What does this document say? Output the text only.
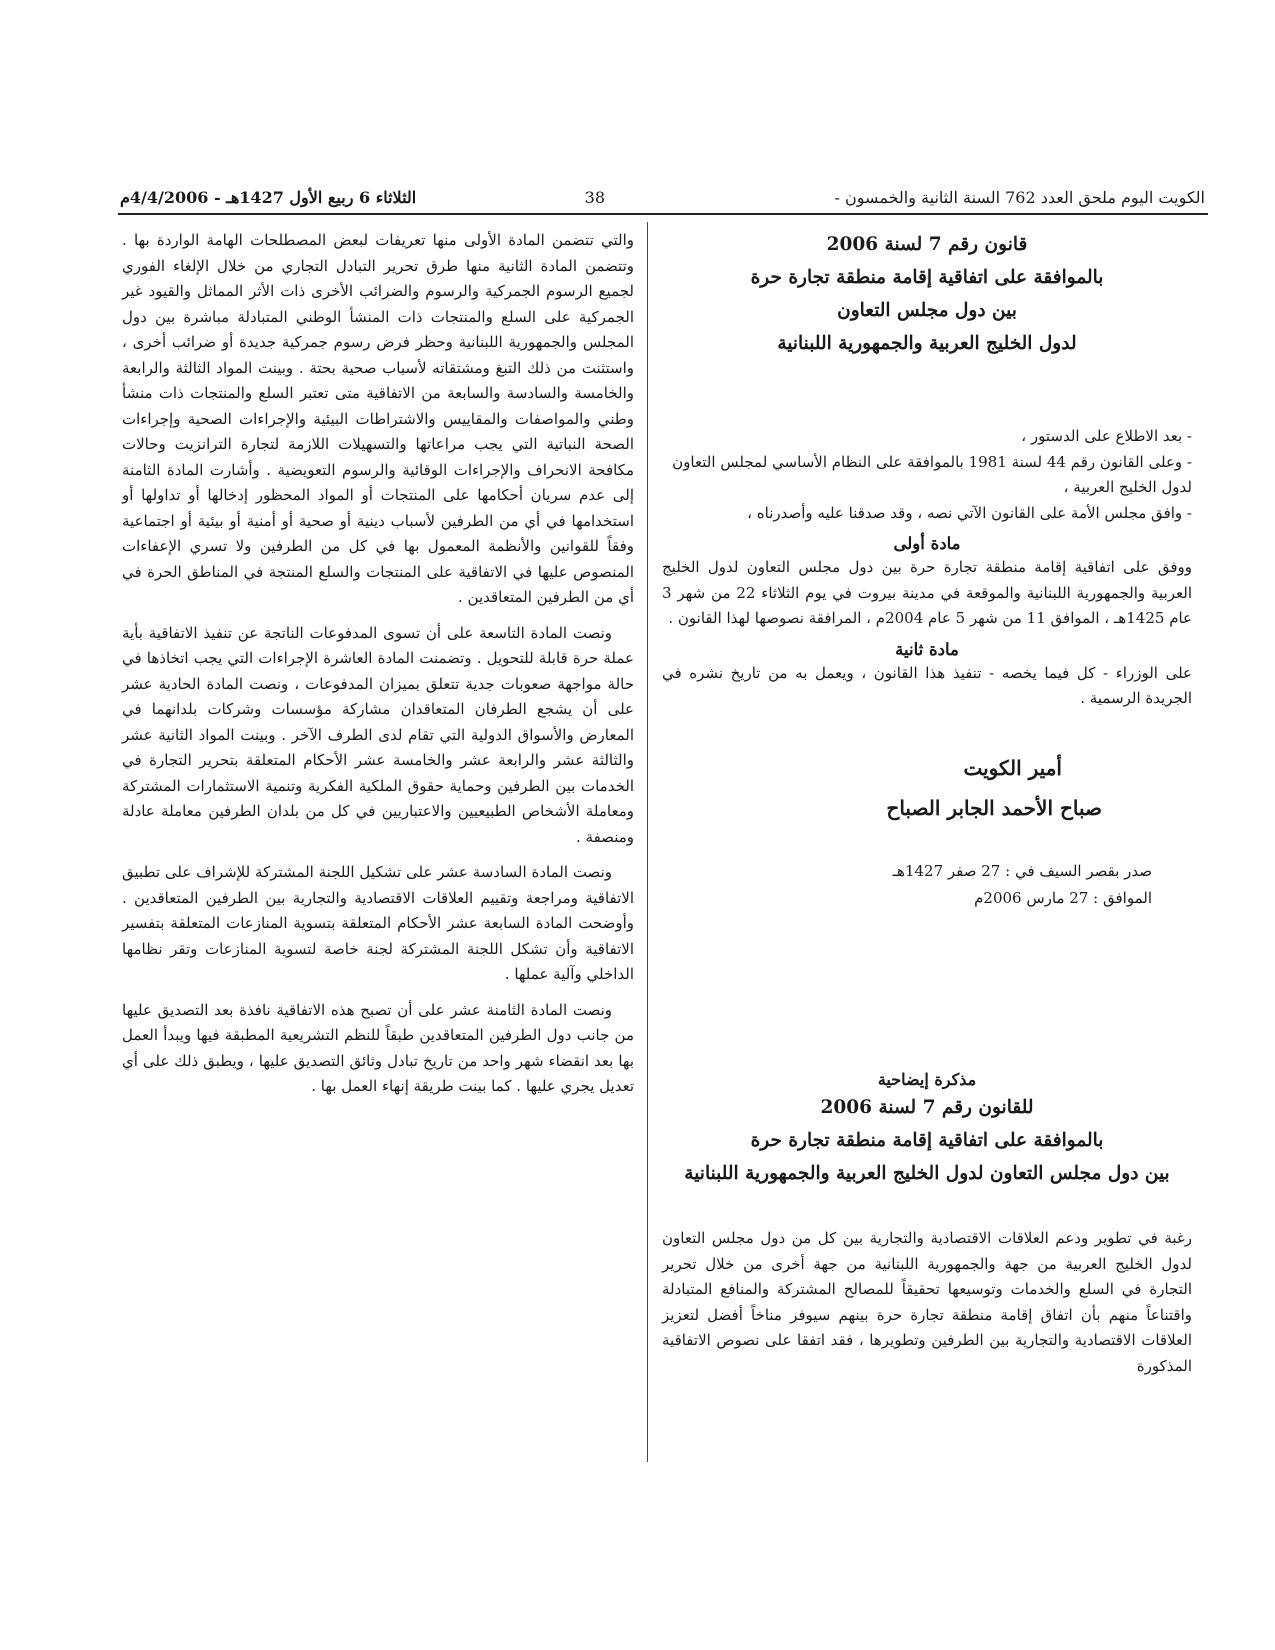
الكويت اليوم ملحق العدد 762 السنة الثانية والخمسون -
38
الثلاثاء 6 ربيع الأول 1427هـ - 4/4/2006م
قانون رقم 7 لسنة 2006
بالموافقة على اتفاقية إقامة منطقة تجارة حرة
بين دول مجلس التعاون
لدول الخليج العربية والجمهورية اللبنانية

- بعد الاطلاع على الدستور ،

- وعلى القانون رقم 44 لسنة 1981 بالموافقة على النظام الأساسي لمجلس التعاون لدول الخليج العربية ،

- وافق مجلس الأمة على القانون الآتي نصه ، وقد صدقنا عليه وأصدرناه ،

مادة أولى

ووفق على اتفاقية إقامة منطقة تجارة حرة بين دول مجلس التعاون لدول الخليج العربية والجمهورية اللبنانية والموقعة في مدينة بيروت في يوم الثلاثاء 22 من شهر 3 عام 1425هـ ، الموافق 11 من شهر 5 عام 2004م ، المرافقة نصوصها لهذا القانون .

مادة ثانية

على الوزراء - كل فيما يخصه - تنفيذ هذا القانون ، ويعمل به من تاريخ نشره في الجريدة الرسمية .

أمير الكويت
صباح الأحمد الجابر الصباح
صدر بقصر السيف في : 27 صفر 1427هـ
الموافق : 27 مارس 2006م
مذكرة إيضاحية
للقانون رقم 7 لسنة 2006
بالموافقة على اتفاقية إقامة منطقة تجارة حرة
بين دول مجلس التعاون لدول الخليج العربية والجمهورية اللبنانية
رغبة في تطوير ودعم العلاقات الاقتصادية والتجارية بين كل من دول مجلس التعاون لدول الخليج العربية من جهة والجمهورية اللبنانية من جهة أخرى من خلال تحرير التجارة في السلع والخدمات وتوسيعها تحقيقاً للمصالح المشتركة والمنافع المتبادلة واقتناعاً منهم بأن اتفاق إقامة منطقة تجارة حرة بينهم سيوفر مناخاً أفضل لتعزيز العلاقات الاقتصادية والتجارية بين الطرفين وتطويرها ، فقد اتفقا على نصوص الاتفاقية المذكورة

والتي تتضمن المادة الأولى منها تعريفات لبعض المصطلحات الهامة الواردة بها . وتتضمن المادة الثانية منها طرق تحرير التبادل التجاري من خلال الإلغاء الفوري لجميع الرسوم الجمركية والرسوم والضرائب الأخرى ذات الأثر المماثل والقيود غير الجمركية على السلع والمنتجات ذات المنشأ الوطني المتبادلة مباشرة بين دول المجلس والجمهورية اللبنانية وحظر فرض رسوم جمركية جديدة أو ضرائب أخرى ، واستثنت من ذلك التبغ ومشتقاته لأسباب صحية بحتة . وبينت المواد الثالثة والرابعة والخامسة والسادسة والسابعة من الاتفاقية متى تعتبر السلع والمنتجات ذات منشأ وطني والمواصفات والمقاييس والاشتراطات البيئية والإجراءات الصحية وإجراءات الصحة النباتية التي يجب مراعاتها والتسهيلات اللازمة لتجارة الترانزيت وحالات مكافحة الانحراف والإجراءات الوقائية والرسوم التعويضية . وأشارت المادة الثامنة إلى عدم سريان أحكامها على المنتجات أو المواد المحظور إدخالها أو تداولها أو استخدامها في أي من الطرفين لأسباب دينية أو صحية أو أمنية أو بيئية أو اجتماعية وفقاً للقوانين والأنظمة المعمول بها في كل من الطرفين ولا تسري الإعفاءات المنصوص عليها في الاتفاقية على المنتجات والسلع المنتجة في المناطق الحرة في أي من الطرفين المتعاقدين .

ونصت المادة التاسعة على أن تسوى المدفوعات الناتجة عن تنفيذ الاتفاقية بأية عملة حرة قابلة للتحويل . وتضمنت المادة العاشرة الإجراءات التي يجب اتخاذها في حالة مواجهة صعوبات جدية تتعلق بميزان المدفوعات ، ونصت المادة الحادية عشر على أن يشجع الطرفان المتعاقدان مشاركة مؤسسات وشركات بلدانهما في المعارض والأسواق الدولية التي تقام لدى الطرف الآخر . وبينت المواد الثانية عشر والثالثة عشر والرابعة عشر والخامسة عشر الأحكام المتعلقة بتحرير التجارة في الخدمات بين الطرفين وحماية حقوق الملكية الفكرية وتنمية الاستثمارات المشتركة ومعاملة الأشخاص الطبيعيين والاعتباريين في كل من بلدان الطرفين معاملة عادلة ومنصفة .

ونصت المادة السادسة عشر على تشكيل اللجنة المشتركة للإشراف على تطبيق الاتفاقية ومراجعة وتقييم العلاقات الاقتصادية والتجارية بين الطرفين المتعاقدين . وأوضحت المادة السابعة عشر الأحكام المتعلقة بتسوية المنازعات المتعلقة بتفسير الاتفاقية وأن تشكل اللجنة المشتركة لجنة خاصة لتسوية المنازعات وتقر نظامها الداخلي وآلية عملها .

ونصت المادة الثامنة عشر على أن تصبح هذه الاتفاقية نافذة بعد التصديق عليها من جانب دول الطرفين المتعاقدين طبقاً للنظم التشريعية المطبقة فيها ويبدأ العمل بها بعد انقضاء شهر واحد من تاريخ تبادل وثائق التصديق عليها ، ويطبق ذلك على أي تعديل يجري عليها . كما بينت طريقة إنهاء العمل بها .
